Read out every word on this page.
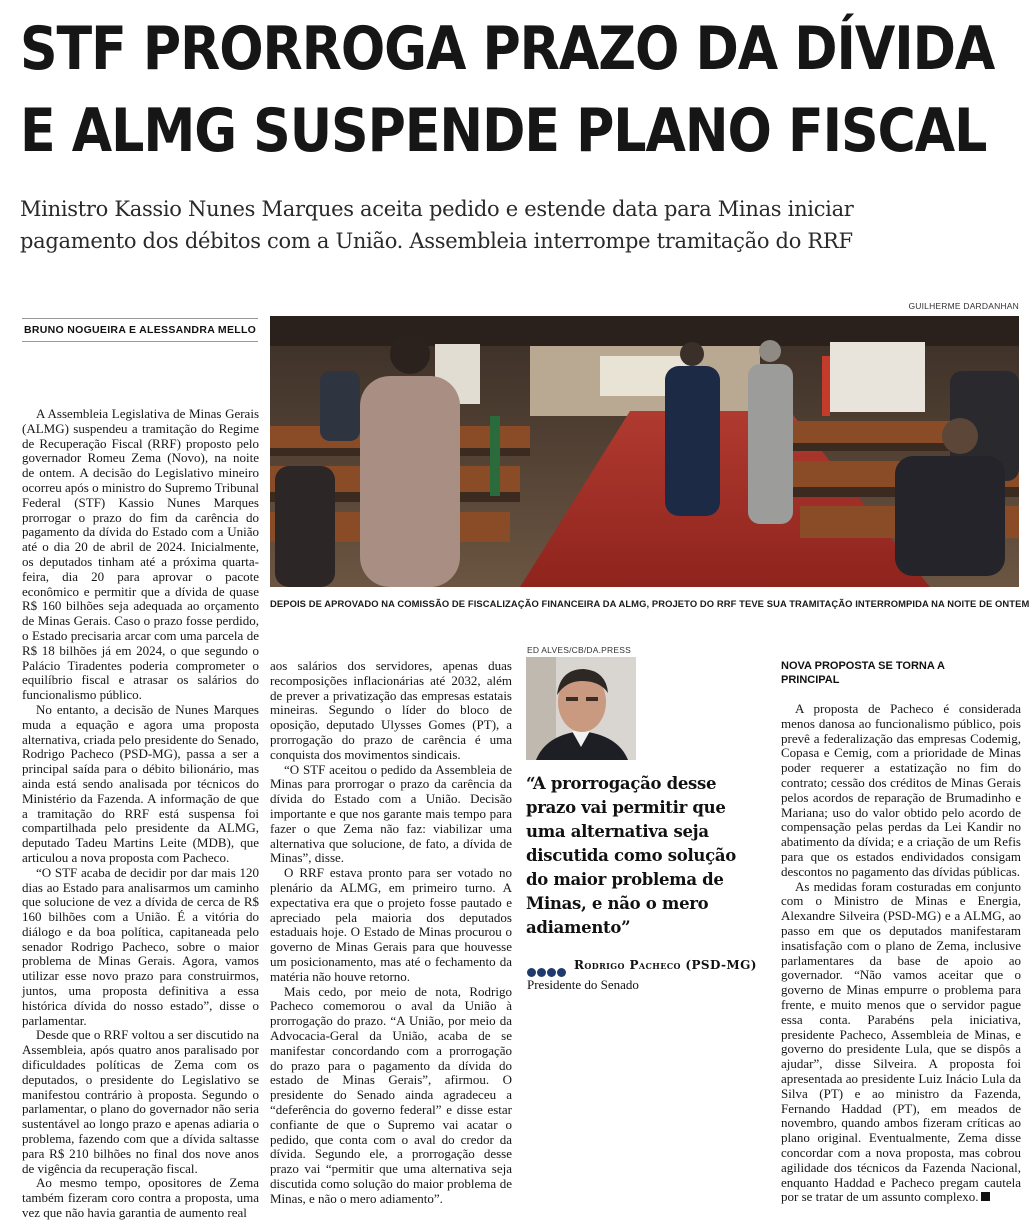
STF PRORROGA PRAZO DA DÍVIDA
E ALMG SUSPENDE PLANO FISCAL
Ministro Kassio Nunes Marques aceita pedido e estende data para Minas iniciar
pagamento dos débitos com a União. Assembleia interrompe tramitação do RRF
GUILHERME DARDANHAN
BRUNO NOGUEIRA E ALESSANDRA MELLO

A Assembleia Legislativa de Minas Gerais (ALMG) suspendeu a tramitação do Regime de Recuperação Fiscal (RRF) proposto pelo governador Romeu Zema (Novo), na noite de ontem. A decisão do Legislativo mineiro ocorreu após o ministro do Supremo Tribunal Federal (STF) Kassio Nunes Marques prorrogar o prazo do fim da carência do pagamento da dívida do Estado com a União até o dia 20 de abril de 2024. Inicialmente, os deputados tinham até a próxima quarta-feira, dia 20 para aprovar o pacote econômico e permitir que a dívida de quase R$ 160 bilhões seja adequada ao orçamento de Minas Gerais. Caso o prazo fosse perdido, o Estado precisaria arcar com uma parcela de R$ 18 bilhões já em 2024, o que segundo o Palácio Tiradentes poderia comprometer o equilíbrio fiscal e atrasar os salários do funcionalismo público.

No entanto, a decisão de Nunes Marques muda a equação e agora uma proposta alternativa, criada pelo presidente do Senado, Rodrigo Pacheco (PSD-MG), passa a ser a principal saída para o débito bilionário, mas ainda está sendo analisada por técnicos do Ministério da Fazenda. A informação de que a tramitação do RRF está suspensa foi compartilhada pelo presidente da ALMG, deputado Tadeu Martins Leite (MDB), que articulou a nova proposta com Pacheco.

“O STF acaba de decidir por dar mais 120 dias ao Estado para analisarmos um caminho que solucione de vez a dívida de cerca de R$ 160 bilhões com a União. É a vitória do diálogo e da boa política, capitaneada pelo senador Rodrigo Pacheco, sobre o maior problema de Minas Gerais. Agora, vamos utilizar esse novo prazo para construirmos, juntos, uma proposta definitiva a essa histórica dívida do nosso estado”, disse o parlamentar.

Desde que o RRF voltou a ser discutido na Assembleia, após quatro anos paralisado por dificuldades políticas de Zema com os deputados, o presidente do Legislativo se manifestou contrário à proposta. Segundo o parlamentar, o plano do governador não seria sustentável ao longo prazo e apenas adiaria o problema, fazendo com que a dívida saltasse para R$ 210 bilhões no final dos nove anos de vigência da recuperação fiscal.

Ao mesmo tempo, opositores de Zema também fizeram coro contra a proposta, uma vez que não havia garantia de aumento real

DEPOIS DE APROVADO NA COMISSÃO DE FISCALIZAÇÃO FINANCEIRA DA ALMG, PROJETO DO RRF TEVE SUA TRAMITAÇÃO INTERROMPIDA NA NOITE DE ONTEM

aos salários dos servidores, apenas duas recomposições inflacionárias até 2032, além de prever a privatização das empresas estatais mineiras. Segundo o líder do bloco de oposição, deputado Ulysses Gomes (PT), a prorrogação do prazo de carência é uma conquista dos movimentos sindicais.

“O STF aceitou o pedido da Assembleia de Minas para prorrogar o prazo da carência da dívida do Estado com a União. Decisão importante e que nos garante mais tempo para fazer o que Zema não faz: viabilizar uma alternativa que solucione, de fato, a dívida de Minas”, disse.

O RRF estava pronto para ser votado no plenário da ALMG, em primeiro turno. A expectativa era que o projeto fosse pautado e apreciado pela maioria dos deputados estaduais hoje. O Estado de Minas procurou o governo de Minas Gerais para que houvesse um posicionamento, mas até o fechamento da matéria não houve retorno.

Mais cedo, por meio de nota, Rodrigo Pacheco comemorou o aval da União à prorrogação do prazo. “A União, por meio da Advocacia-Geral da União, acaba de se manifestar concordando com a prorrogação do prazo para o pagamento da dívida do estado de Minas Gerais”, afirmou. O presidente do Senado ainda agradeceu a “deferência do governo federal” e disse estar confiante de que o Supremo vai acatar o pedido, que conta com o aval do credor da dívida. Segundo ele, a prorrogação desse prazo vai “permitir que uma alternativa seja discutida como solução do maior problema de Minas, e não o mero adiamento”.

ED ALVES/CB/DA.PRESS
“A prorrogação desse prazo vai permitir que uma alternativa seja discutida como solução do maior problema de Minas, e não o mero adiamento”
Rodrigo Pacheco (PSD-MG)
Presidente do Senado
NOVA PROPOSTA SE TORNA A PRINCIPAL

A proposta de Pacheco é considerada menos danosa ao funcionalismo público, pois prevê a federalização das empresas Codemig, Copasa e Cemig, com a prioridade de Minas poder requerer a estatização no fim do contrato; cessão dos créditos de Minas Gerais pelos acordos de reparação de Brumadinho e Mariana; uso do valor obtido pelo acordo de compensação pelas perdas da Lei Kandir no abatimento da dívida; e a criação de um Refis para que os estados endividados consigam descontos no pagamento das dívidas públicas.

As medidas foram costuradas em conjunto com o Ministro de Minas e Energia, Alexandre Silveira (PSD-MG) e a ALMG, ao passo em que os deputados manifestaram insatisfação com o plano de Zema, inclusive parlamentares da base de apoio ao governador. “Não vamos aceitar que o governo de Minas empurre o problema para frente, e muito menos que o servidor pague essa conta. Parabéns pela iniciativa, presidente Pacheco, Assembleia de Minas, e governo do presidente Lula, que se dispôs a ajudar”, disse Silveira. A proposta foi apresentada ao presidente Luiz Inácio Lula da Silva (PT) e ao ministro da Fazenda, Fernando Haddad (PT), em meados de novembro, quando ambos fizeram críticas ao plano original. Eventualmente, Zema disse concordar com a nova proposta, mas cobrou agilidade dos técnicos da Fazenda Nacional, enquanto Haddad e Pacheco pregam cautela por se tratar de um assunto complexo.
